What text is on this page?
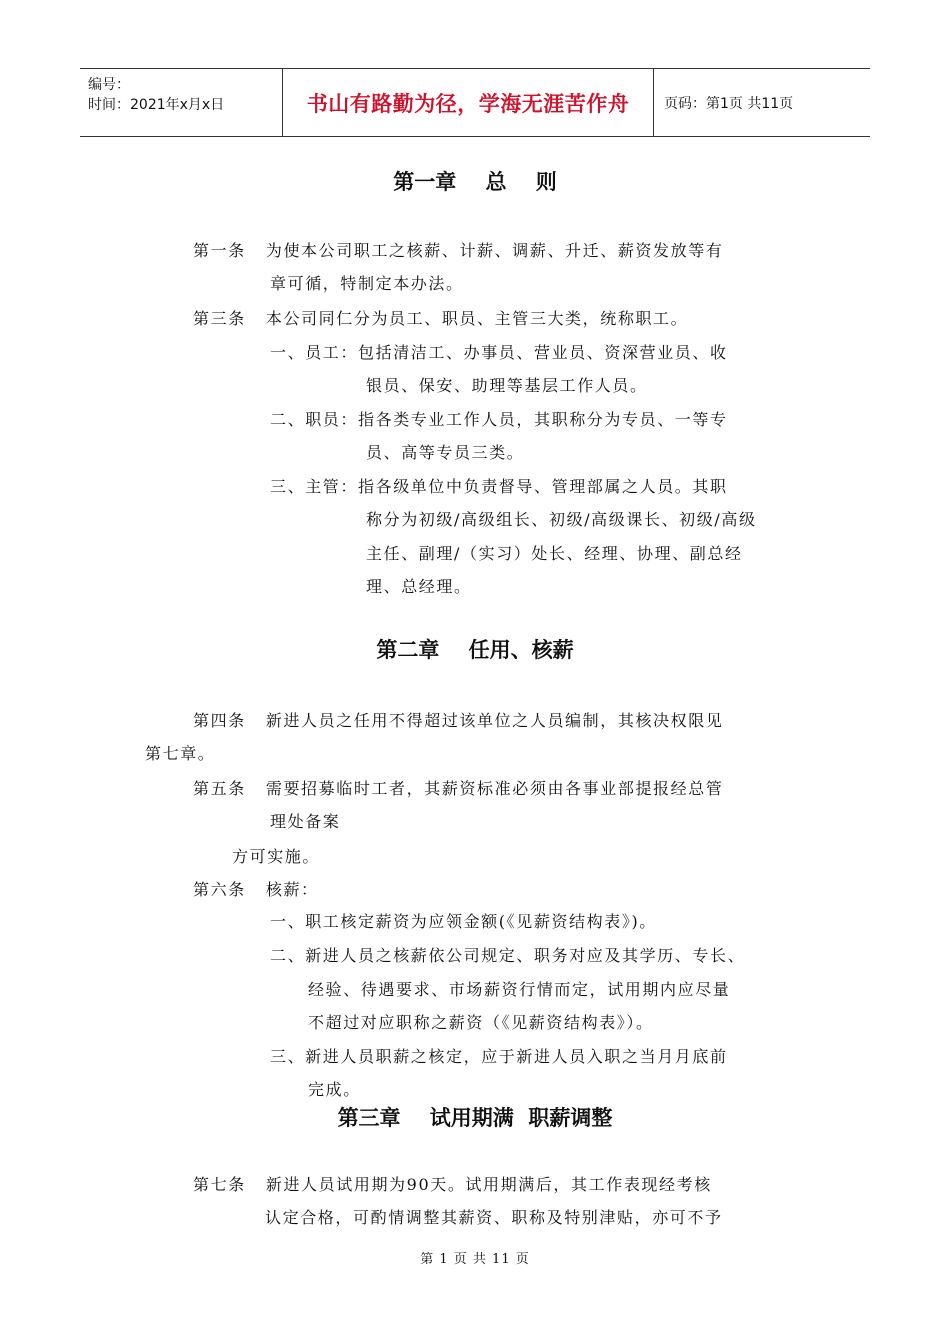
编号：
时间：2021年x月x日	书山有路勤为径，学海无涯苦作舟	页码：第1页 共11页
第一章    总    则
第一条   为使本公司职工之核薪、计薪、调薪、升迁、薪资发放等有
章可循，特制定本办法。
第三条   本公司同仁分为员工、职员、主管三大类，统称职工。
一、员工：包括清洁工、办事员、营业员、资深营业员、收
银员、保安、助理等基层工作人员。
二、职员：指各类专业工作人员，其职称分为专员、一等专
员、高等专员三类。
三、主管：指各级单位中负责督导、管理部属之人员。其职
称分为初级/高级组长、初级/高级课长、初级/高级
主任、副理/（实习）处长、经理、协理、副总经
理、总经理。
第二章    任用、核薪
第四条   新进人员之任用不得超过该单位之人员编制，其核决权限见
第七章。
第五条   需要招募临时工者，其薪资标准必须由各事业部提报经总管
理处备案
方可实施。
第六条   核薪：
一、职工核定薪资为应领金额(《见薪资结构表》)。
二、新进人员之核薪依公司规定、职务对应及其学历、专长、
经验、待遇要求、市场薪资行情而定，试用期内应尽量
不超过对应职称之薪资（《见薪资结构表》）。
三、新进人员职薪之核定，应于新进人员入职之当月月底前
完成。
第三章    试用期满  职薪调整
第七条   新进人员试用期为90天。试用期满后，其工作表现经考核
认定合格，可酌情调整其薪资、职称及特别津贴，亦可不予
第 1 页 共 11 页
